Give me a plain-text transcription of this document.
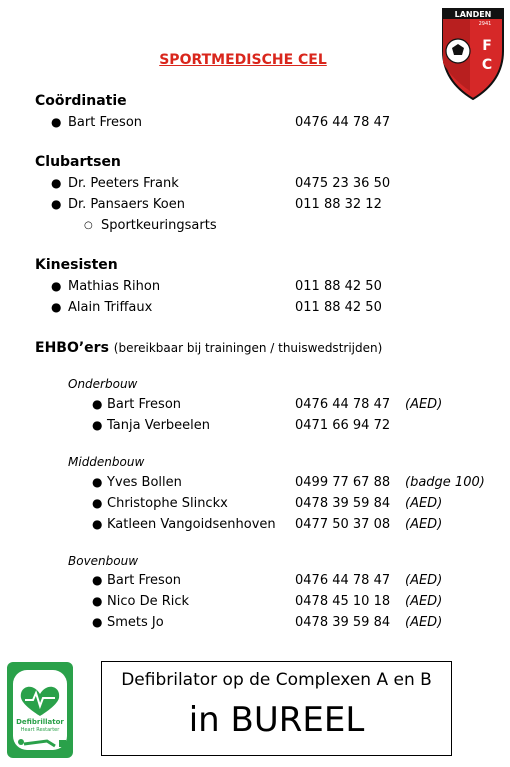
SPORTMEDISCHE CEL
LANDEN
2941
F
C
Coördinatie
● Bart Freson	0476 44 78 47
Clubartsen
● Dr. Peeters Frank	0475 23 36 50
● Dr. Pansaers Koen	011 88 32 12
○ Sportkeuringsarts
Kinesisten
● Mathias Rihon	011 88 42 50
● Alain Triffaux	011 88 42 50
EHBO’ers (bereikbaar bij trainingen / thuiswedstrijden)
Onderbouw
● Bart Freson	0476 44 78 47 (AED)
● Tanja Verbeelen	0471 66 94 72
Middenbouw
● Yves Bollen	0499 77 67 88 (badge 100)
● Christophe Slinckx	0478 39 59 84 (AED)
● Katleen Vangoidsenhoven 0477 50 37 08 (AED)
Bovenbouw
● Bart Freson	0476 44 78 47 (AED)
● Nico De Rick	0478 45 10 18 (AED)
● Smets Jo	0478 39 59 84 (AED)
Defibrillator
Heart Restarter
Defibrilator op de Complexen A en B
in BUREEL
